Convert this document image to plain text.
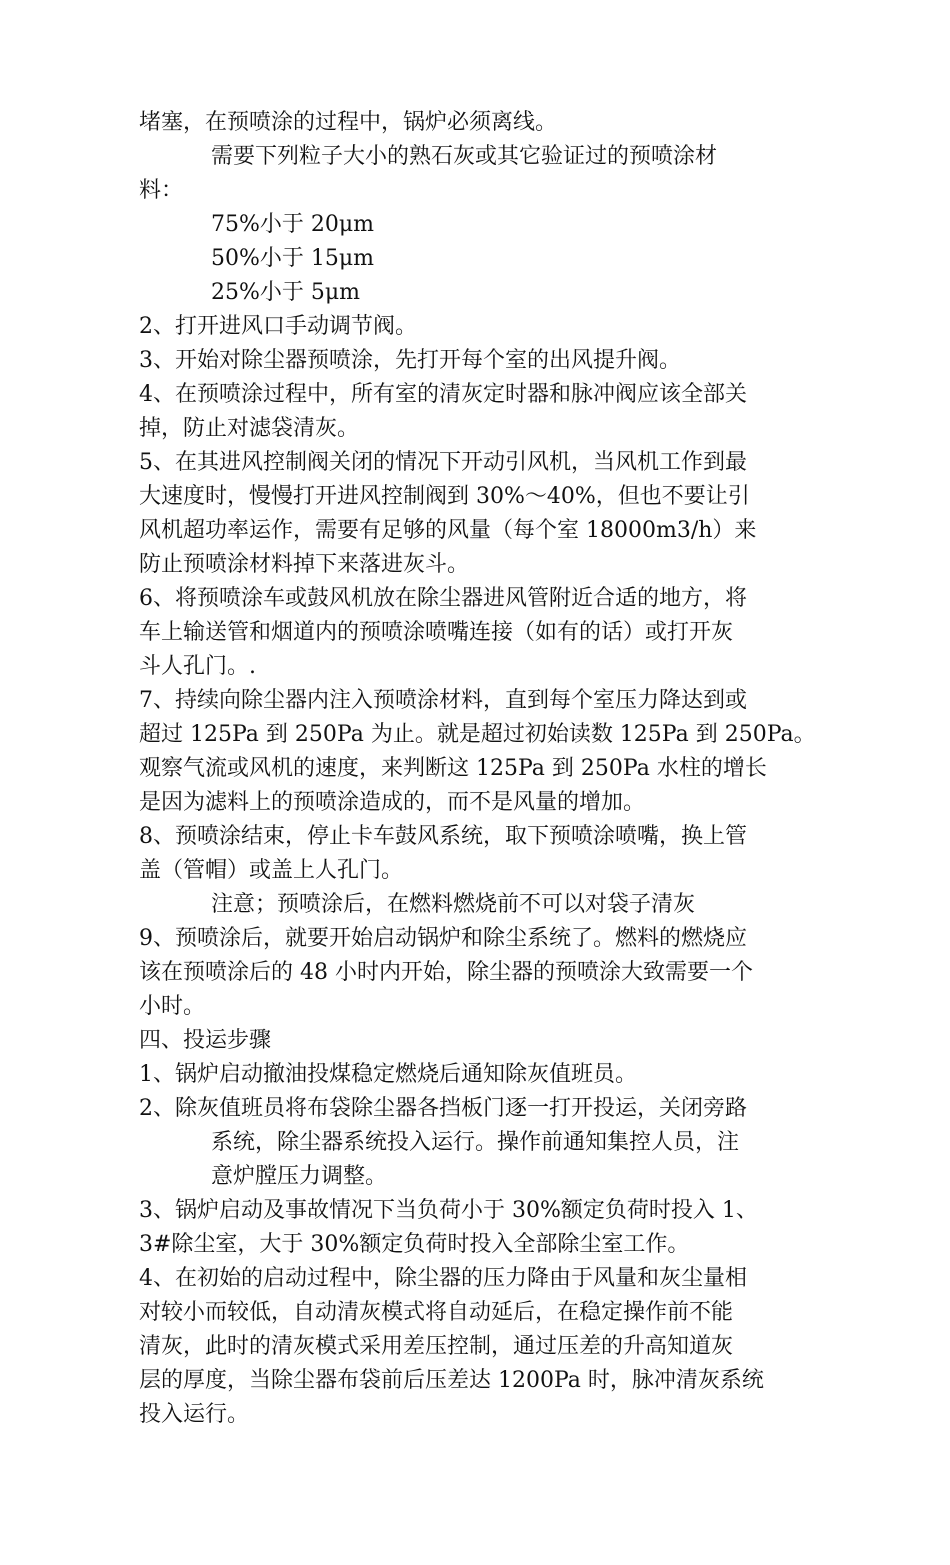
堵塞，在预喷涂的过程中，锅炉必须离线。
需要下列粒子大小的熟石灰或其它验证过的预喷涂材
料：
75%小于 20μm
50%小于 15μm
25%小于 5μm
2、打开进风口手动调节阀。
3、开始对除尘器预喷涂，先打开每个室的出风提升阀。
4、在预喷涂过程中，所有室的清灰定时器和脉冲阀应该全部关
掉，防止对滤袋清灰。
5、在其进风控制阀关闭的情况下开动引风机，当风机工作到最
大速度时，慢慢打开进风控制阀到 30%～40%，但也不要让引
风机超功率运作，需要有足够的风量（每个室 18000m3/h）来
防止预喷涂材料掉下来落进灰斗。
6、将预喷涂车或鼓风机放在除尘器进风管附近合适的地方，将
车上输送管和烟道内的预喷涂喷嘴连接（如有的话）或打开灰
斗人孔门。.
7、持续向除尘器内注入预喷涂材料，直到每个室压力降达到或
超过 125Pa 到 250Pa 为止。就是超过初始读数 125Pa 到 250Pa。
观察气流或风机的速度，来判断这 125Pa 到 250Pa 水柱的增长
是因为滤料上的预喷涂造成的，而不是风量的增加。
8、预喷涂结束，停止卡车鼓风系统，取下预喷涂喷嘴，换上管
盖（管帽）或盖上人孔门。
注意；预喷涂后，在燃料燃烧前不可以对袋子清灰
9、预喷涂后，就要开始启动锅炉和除尘系统了。燃料的燃烧应
该在预喷涂后的 48 小时内开始，除尘器的预喷涂大致需要一个
小时。
四、投运步骤
1、锅炉启动撤油投煤稳定燃烧后通知除灰值班员。
2、除灰值班员将布袋除尘器各挡板门逐一打开投运，关闭旁路
系统，除尘器系统投入运行。操作前通知集控人员，注
意炉膛压力调整。
3、锅炉启动及事故情况下当负荷小于 30%额定负荷时投入 1、
3#除尘室，大于 30%额定负荷时投入全部除尘室工作。
4、在初始的启动过程中，除尘器的压力降由于风量和灰尘量相
对较小而较低，自动清灰模式将自动延后，在稳定操作前不能
清灰，此时的清灰模式采用差压控制，通过压差的升高知道灰
层的厚度，当除尘器布袋前后压差达 1200Pa 时，脉冲清灰系统
投入运行。
